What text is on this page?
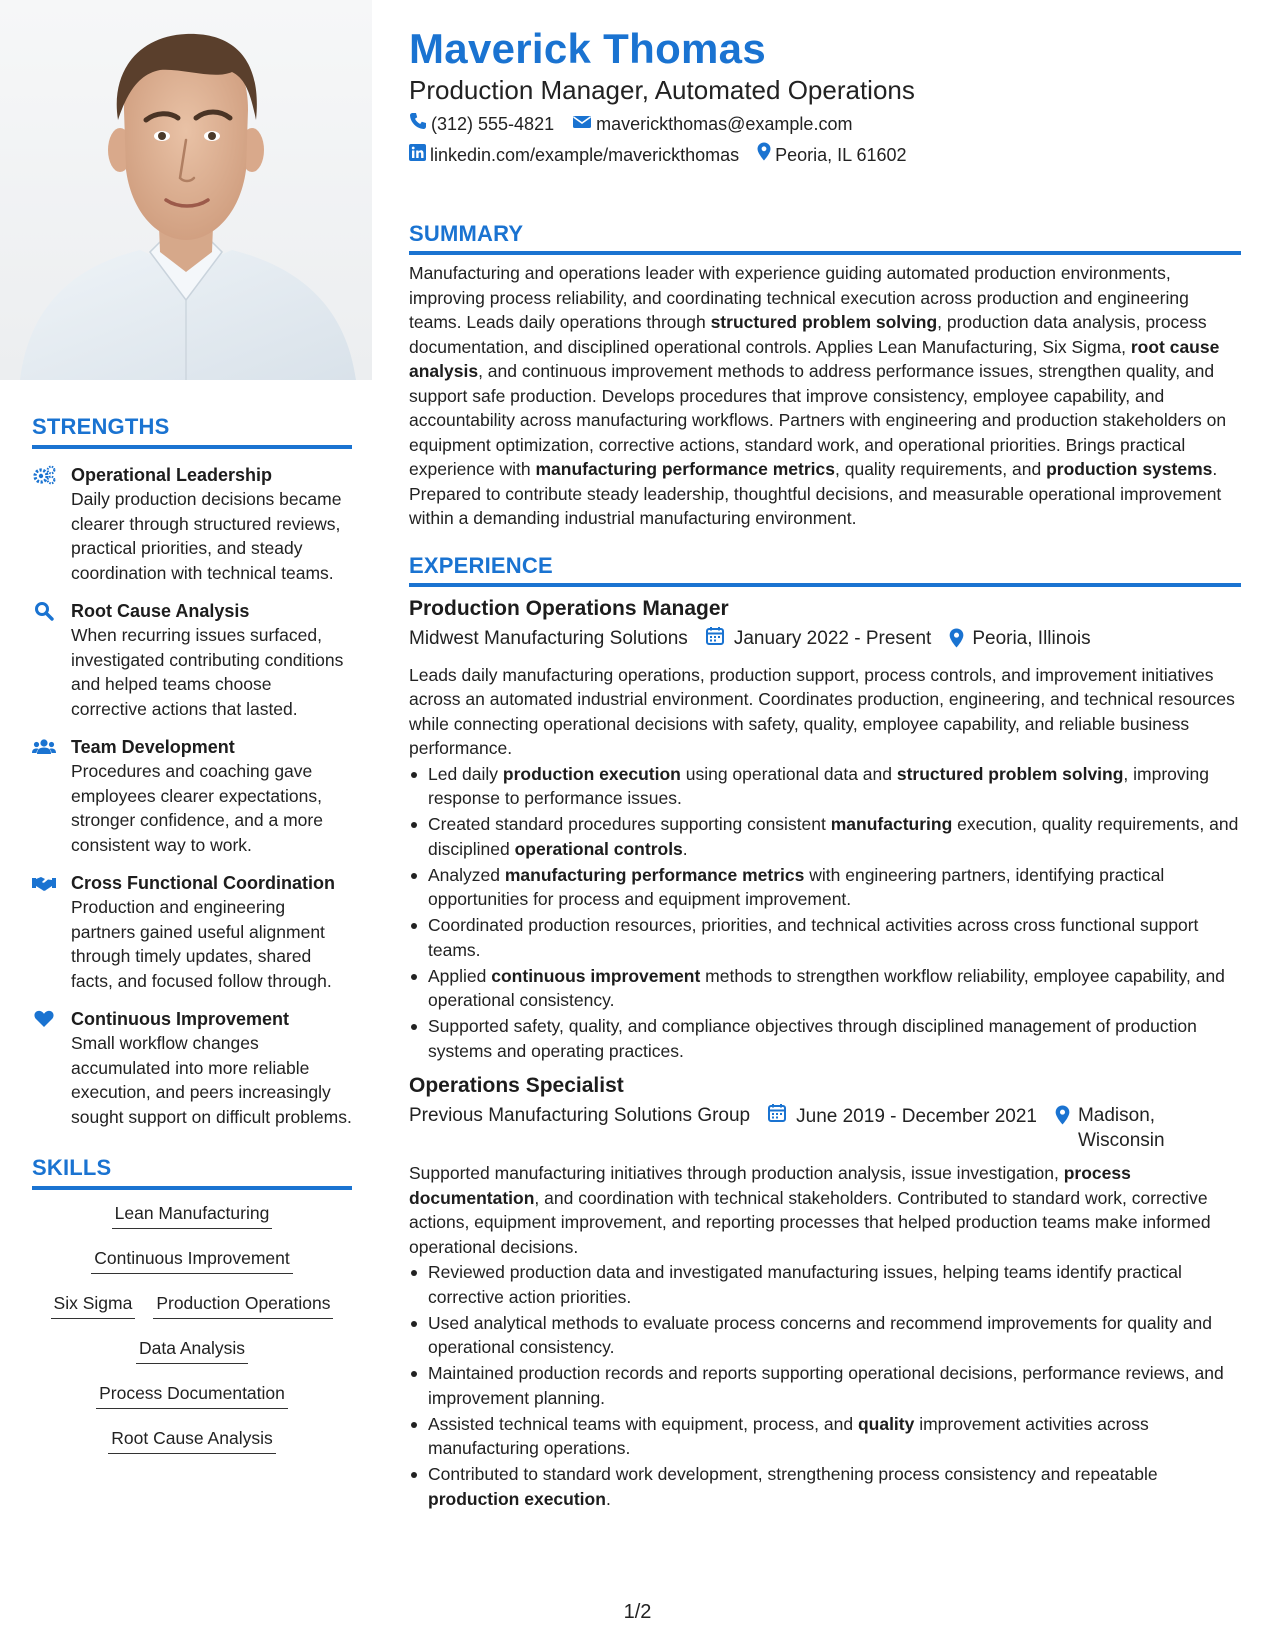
STRENGTHS
Operational Leadership
Daily production decisions became clearer through structured reviews, practical priorities, and steady coordination with technical teams.
Root Cause Analysis
When recurring issues surfaced, investigated contributing conditions and helped teams choose corrective actions that lasted.
Team Development
Procedures and coaching gave employees clearer expectations, stronger confidence, and a more consistent way to work.
Cross Functional Coordination
Production and engineering partners gained useful alignment through timely updates, shared facts, and focused follow through.
Continuous Improvement
Small workflow changes accumulated into more reliable execution, and peers increasingly sought support on difficult problems.
SKILLS
Lean Manufacturing
Continuous Improvement
Six Sigma Production Operations
Data Analysis
Process Documentation
Root Cause Analysis
Maverick Thomas
Production Manager, Automated Operations
(312) 555-4821 maverickthomas@example.com
linkedin.com/example/maverickthomas Peoria, IL 61602
SUMMARY
Manufacturing and operations leader with experience guiding automated production environments, improving process reliability, and coordinating technical execution across production and engineering teams. Leads daily operations through structured problem solving, production data analysis, process documentation, and disciplined operational controls. Applies Lean Manufacturing, Six Sigma, root cause analysis, and continuous improvement methods to address performance issues, strengthen quality, and support safe production. Develops procedures that improve consistency, employee capability, and accountability across manufacturing workflows. Partners with engineering and production stakeholders on equipment optimization, corrective actions, standard work, and operational priorities. Brings practical experience with manufacturing performance metrics, quality requirements, and production systems. Prepared to contribute steady leadership, thoughtful decisions, and measurable operational improvement within a demanding industrial manufacturing environment.
EXPERIENCE
Production Operations Manager
Midwest Manufacturing Solutions January 2022 - Present Peoria, Illinois
Leads daily manufacturing operations, production support, process controls, and improvement initiatives across an automated industrial environment. Coordinates production, engineering, and technical resources while connecting operational decisions with safety, quality, employee capability, and reliable business performance.
Led daily production execution using operational data and structured problem solving, improving response to performance issues.
Created standard procedures supporting consistent manufacturing execution, quality requirements, and disciplined operational controls.
Analyzed manufacturing performance metrics with engineering partners, identifying practical opportunities for process and equipment improvement.
Coordinated production resources, priorities, and technical activities across cross functional support teams.
Applied continuous improvement methods to strengthen workflow reliability, employee capability, and operational consistency.
Supported safety, quality, and compliance objectives through disciplined management of production systems and operating practices.
Operations Specialist
Previous Manufacturing Solutions Group June 2019 - December 2021 Madison, Wisconsin
Supported manufacturing initiatives through production analysis, issue investigation, process documentation, and coordination with technical stakeholders. Contributed to standard work, corrective actions, equipment improvement, and reporting processes that helped production teams make informed operational decisions.
Reviewed production data and investigated manufacturing issues, helping teams identify practical corrective action priorities.
Used analytical methods to evaluate process concerns and recommend improvements for quality and operational consistency.
Maintained production records and reports supporting operational decisions, performance reviews, and improvement planning.
Assisted technical teams with equipment, process, and quality improvement activities across manufacturing operations.
Contributed to standard work development, strengthening process consistency and repeatable production execution.
1/2
